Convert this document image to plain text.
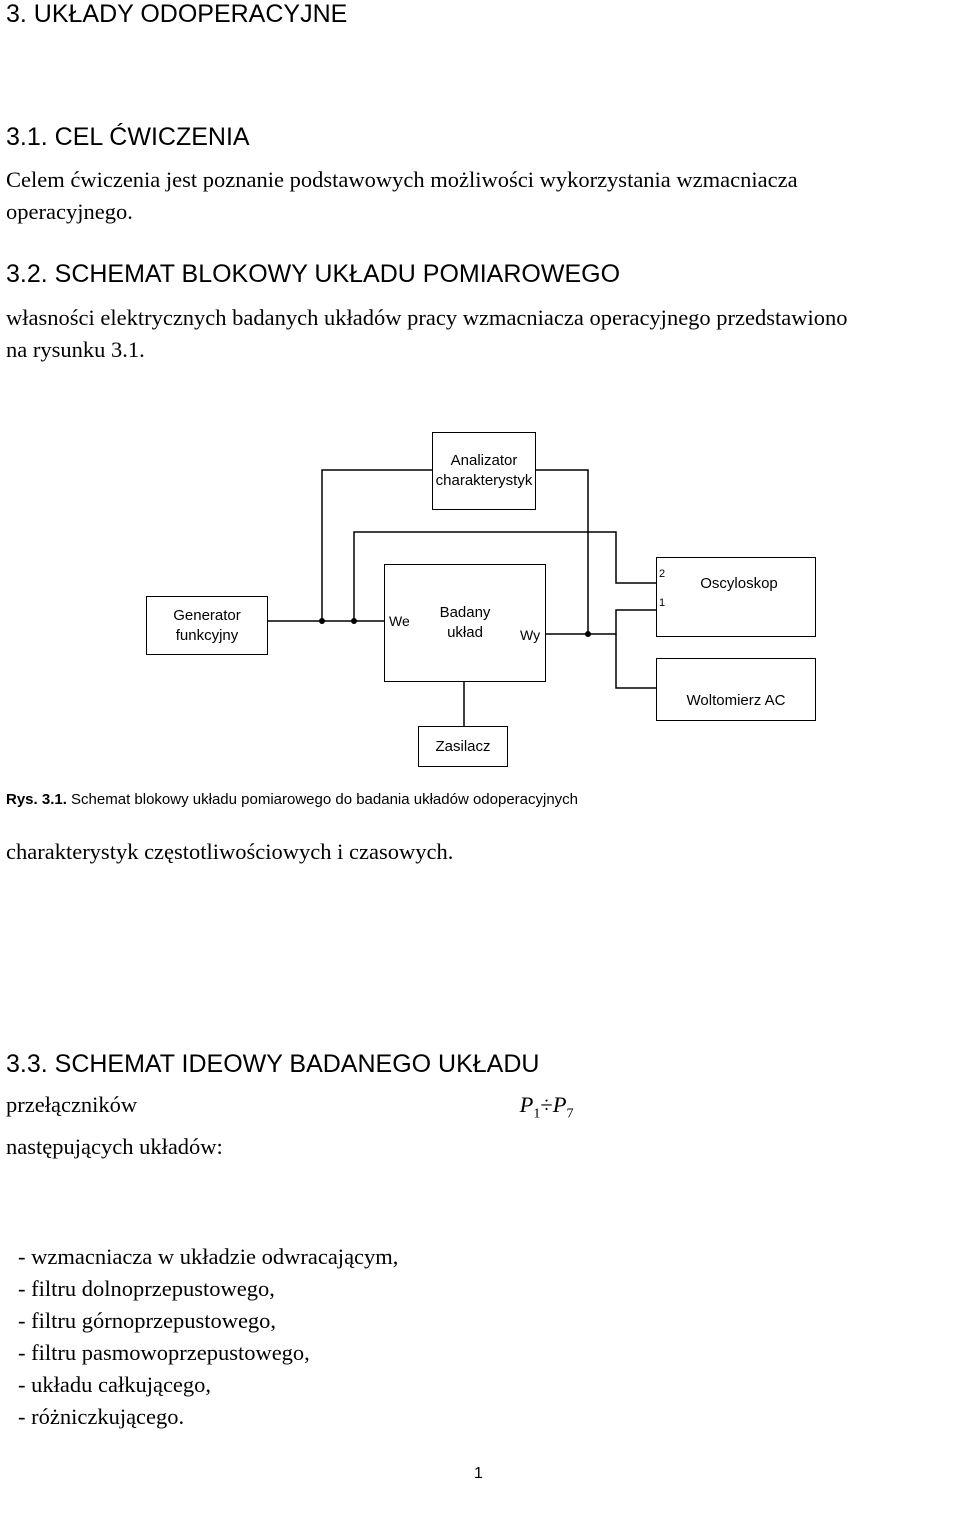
3. UKŁADY ODOPERACYJNE
3.1. CEL ĆWICZENIA

Celem ćwiczenia jest poznanie podstawowych możliwości wykorzystania wzmacniacza
operacyjnego.

3.2. SCHEMAT BLOKOWY UKŁADU POMIAROWEGO

własności elektrycznych badanych układów pracy wzmacniacza operacyjnego przedstawiono
na rysunku 3.1.

Analizator
charakterystyk
Generator
funkcyjny
Badany
układ
We
Wy
Oscyloskop
2
1
Woltomierz AC
Zasilacz
Rys. 3.1. Schemat blokowy układu pomiarowego do badania układów odoperacyjnych

charakterystyk częstotliwościowych i czasowych.

3.3. SCHEMAT IDEOWY BADANEGO UKŁADU

przełączników	$P_1\div P_7$
następujących układów:

- wzmacniacza w układzie odwracającym,
- filtru dolnoprzepustowego,
- filtru górnoprzepustowego,
- filtru pasmowoprzepustowego,
- układu całkującego,
- różniczkującego.
1
